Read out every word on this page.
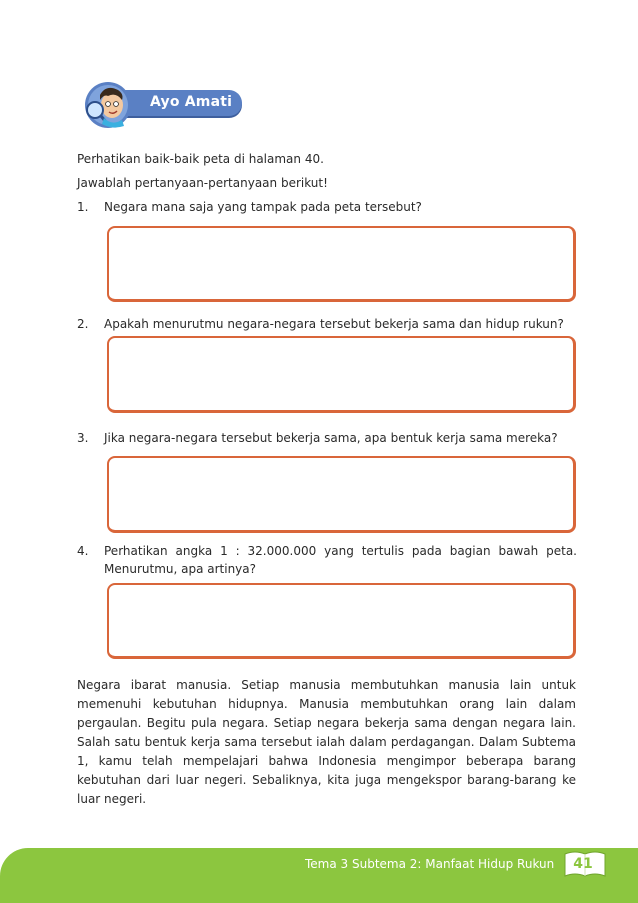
Ayo Amati
Perhatikan baik-baik peta di halaman 40.
Jawablah pertanyaan-pertanyaan berikut!
1. Negara mana saja yang tampak pada peta tersebut?
2. Apakah menurutmu negara-negara tersebut bekerja sama dan hidup rukun?
3. Jika negara-negara tersebut bekerja sama, apa bentuk kerja sama mereka?
4. Perhatikan angka 1 : 32.000.000 yang tertulis pada bagian bawah peta. Menurutmu, apa artinya?
Negara ibarat manusia. Setiap manusia membutuhkan manusia lain untuk memenuhi kebutuhan hidupnya. Manusia membutuhkan orang lain dalam pergaulan. Begitu pula negara. Setiap negara bekerja sama dengan negara lain. Salah satu bentuk kerja sama tersebut ialah dalam perdagangan. Dalam Subtema 1, kamu telah mempelajari bahwa Indonesia mengimpor beberapa barang kebutuhan dari luar negeri. Sebaliknya, kita juga mengekspor barang-barang ke luar negeri.
Tema 3 Subtema 2: Manfaat Hidup Rukun	41
